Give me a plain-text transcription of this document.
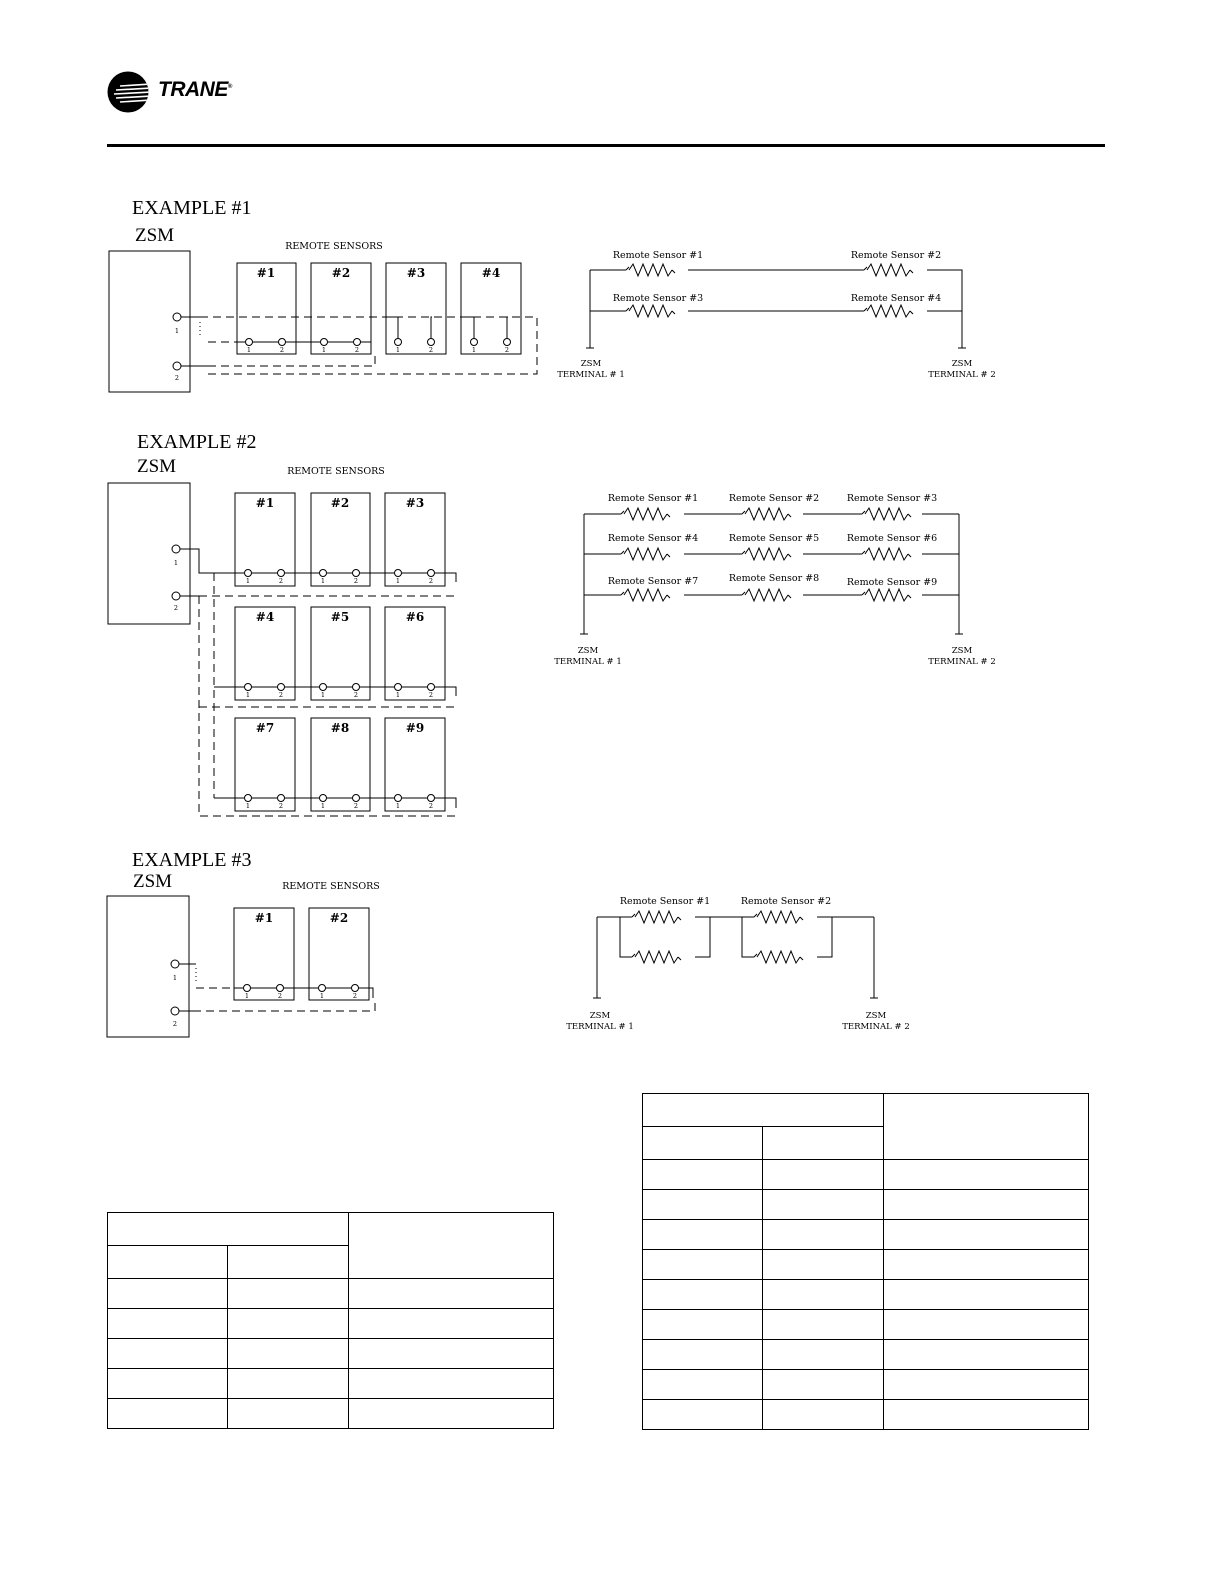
TRANE®
EXAMPLE #1
ZSM
REMOTE SENSORS
EXAMPLE #2
ZSM	REMOTE SENSORS
EXAMPLE #3
ZSM	REMOTE SENSORS
1
2
#1	#2	#3	#4
1	2	1	2	1	2	1	2
Remote Sensor #1	Remote Sensor #2
Remote Sensor #3	Remote Sensor #4
ZSM
TERMINAL # 1
ZSM
TERMINAL # 2
1
2
#1	#2	#3
#4	#5	#6
#7	#8	#9
1	2	1	2	1	2
1	2	1	2	1	2
1	2	1	2	1	2
Remote Sensor #1	Remote Sensor #2	Remote Sensor #3
Remote Sensor #4	Remote Sensor #5	Remote Sensor #6
Remote Sensor #7	Remote Sensor #8	Remote Sensor #9
ZSM
TERMINAL # 1
ZSM
TERMINAL # 2
1
2
#1	#2
1	2	1	2
Remote Sensor #1	Remote Sensor #2
ZSM
TERMINAL # 1
ZSM
TERMINAL # 2
